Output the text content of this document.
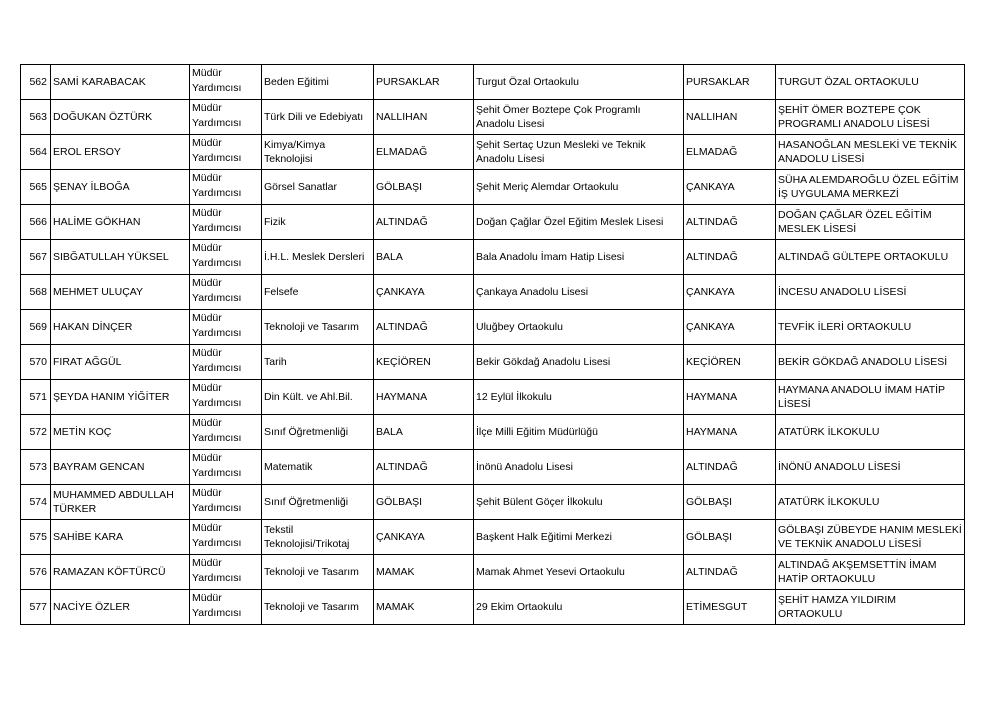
562	SAMİ KARABACAK	Müdür Yardımcısı	Beden Eğitimi	PURSAKLAR	Turgut Özal Ortaokulu	PURSAKLAR	TURGUT ÖZAL ORTAOKULU
563	DOĞUKAN ÖZTÜRK	Müdür Yardımcısı	Türk Dili ve Edebiyatı	NALLIHAN	Şehit Ömer Boztepe Çok Programlı Anadolu Lisesi	NALLIHAN	ŞEHİT ÖMER BOZTEPE ÇOK PROGRAMLI ANADOLU LİSESİ
564	EROL ERSOY	Müdür Yardımcısı	Kimya/Kimya Teknolojisi	ELMADAĞ	Şehit Sertaç Uzun Mesleki ve Teknik Anadolu Lisesi	ELMADAĞ	HASANOĞLAN MESLEKİ VE TEKNİK ANADOLU LİSESİ
565	ŞENAY İLBOĞA	Müdür Yardımcısı	Görsel Sanatlar	GÖLBAŞI	Şehit Meriç Alemdar Ortaokulu	ÇANKAYA	SÜHA ALEMDAROĞLU ÖZEL EĞİTİM İŞ UYGULAMA MERKEZİ
566	HALİME GÖKHAN	Müdür Yardımcısı	Fizik	ALTINDAĞ	Doğan Çağlar Özel Eğitim Meslek Lisesi	ALTINDAĞ	DOĞAN ÇAĞLAR ÖZEL EĞİTİM MESLEK LİSESİ
567	SIBĞATULLAH YÜKSEL	Müdür Yardımcısı	İ.H.L. Meslek Dersleri	BALA	Bala Anadolu İmam Hatip Lisesi	ALTINDAĞ	ALTINDAĞ GÜLTEPE ORTAOKULU
568	MEHMET ULUÇAY	Müdür Yardımcısı	Felsefe	ÇANKAYA	Çankaya Anadolu Lisesi	ÇANKAYA	İNCESU ANADOLU LİSESİ
569	HAKAN DİNÇER	Müdür Yardımcısı	Teknoloji ve Tasarım	ALTINDAĞ	Uluğbey Ortaokulu	ÇANKAYA	TEVFİK İLERİ ORTAOKULU
570	FIRAT AĞGÜL	Müdür Yardımcısı	Tarih	KEÇİÖREN	Bekir Gökdağ Anadolu Lisesi	KEÇİÖREN	BEKİR GÖKDAĞ ANADOLU LİSESİ
571	ŞEYDA HANIM YİĞİTER	Müdür Yardımcısı	Din Kült. ve Ahl.Bil.	HAYMANA	12 Eylül İlkokulu	HAYMANA	HAYMANA ANADOLU İMAM HATİP LİSESİ
572	METİN KOÇ	Müdür Yardımcısı	Sınıf Öğretmenliği	BALA	İlçe Milli Eğitim Müdürlüğü	HAYMANA	ATATÜRK İLKOKULU
573	BAYRAM GENCAN	Müdür Yardımcısı	Matematik	ALTINDAĞ	İnönü Anadolu Lisesi	ALTINDAĞ	İNÖNÜ ANADOLU LİSESİ
574	MUHAMMED ABDULLAH TÜRKER	Müdür Yardımcısı	Sınıf Öğretmenliği	GÖLBAŞI	Şehit Bülent Göçer İlkokulu	GÖLBAŞI	ATATÜRK İLKOKULU
575	SAHİBE KARA	Müdür Yardımcısı	Tekstil Teknolojisi/Trikotaj	ÇANKAYA	Başkent Halk Eğitimi Merkezi	GÖLBAŞI	GÖLBAŞI ZÜBEYDE HANIM MESLEKİ VE TEKNİK ANADOLU LİSESİ
576	RAMAZAN KÖFTÜRCÜ	Müdür Yardımcısı	Teknoloji ve Tasarım	MAMAK	Mamak Ahmet Yesevi Ortaokulu	ALTINDAĞ	ALTINDAĞ AKŞEMSETTİN İMAM HATİP ORTAOKULU
577	NACİYE ÖZLER	Müdür Yardımcısı	Teknoloji ve Tasarım	MAMAK	29 Ekim Ortaokulu	ETİMESGUT	ŞEHİT HAMZA YILDIRIM ORTAOKULU
